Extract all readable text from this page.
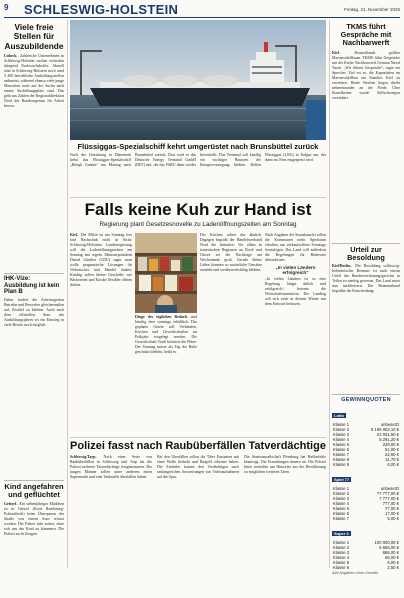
9 SCHLESWIG-HOLSTEIN	Freitag, 21. November 2025
Viele freie Stellen für Auszubildende

Lübeck– Zahlreiche Unternehmen in Schleswig-Holstein suchen weiterhin dringend Nachwuchskräfte. Aktuell sind in Schleswig-Holstein noch rund 3 200 betriebliche Ausbildungsstellen unbesetzt, während ebenso viele junge Menschen noch auf der Suche nach einem Ausbildungsplatz sind. Das geht aus Zahlen der Regionaldirektion Nord der Bundesagentur für Arbeit hervor.

IHK-Vize: Ausbildung ist kein Plan B
Daher fordert die Arbeitsagentur Betriebe und Bewerber gleichermaßen auf, flexibel zu bleiben. Auch nach dem offiziellen Start des Ausbildungsjahres sei ein Einstieg in viele Berufe noch möglich.
Kind angefahren und geflüchtet

Gettorf– Ein siebenjähriger Mädchen ist in Gettorf (Kreis Rendsburg-Eckernförde) beim Überqueren der Straße von einem Auto erfasst worden. Der Fahrer fuhr weiter, ohne sich um das Kind zu kümmern. Die Polizei sucht Zeugen.

Flüssiggas-Spezialschiff kehrt umgerüstet nach Brunsbüttel zurück
Nach der Umrüstung in Dänemark kehrt das Flüssiggas-Spezialschiff „Höegh Gannet“ am Montag nach Brunsbüttel zurück. Dort wird es das Deutsche Energy Terminal GmbH (DET) mit, die das FSRU dann wieder bereitstellt. Das Terminal soll künftig ein wichtiger Baustein der Energieversorgung bleiben. Helfen Flüssiggas (LNG) in Erdgas um, der dann ins Netz eingespeist wird.
Falls keine Kuh zur Hand ist
Regierung plant Gesetzesnovelle zu Ladenöffnungszeiten am Sonntag

Kiel– Die Milch ist am Sonntag leer und Nachschub nicht in Sicht: Schleswig-Holsteins Landesregierung will die Ladenöffnungszeiten am Sonntag neu regeln. Ministerpräsident Daniel Günther (CDU) sagte, man wolle pragmatische Lösungen für Verbraucher und Handel finden. Künftig sollen kleine Geschäfte wie Bäckereien und Kioske flexibler öffnen dürfen.

Dinge des täglichen Bedarfs sind künftig eher sonntags erhältlich. Das geplante Gesetz soll Verbänden, Kirchen und Gewerkschaften im Frühjahr vorgelegt werden. Die Gewerkschaft Verdi kritisiert die Pläne: Der Sonntag müsse als Tag der Ruhe geschützt bleiben, heißt es.

Die Kirchen sehen das ähnlich. Dagegen begrüßt der Handelsverband Nord die Initiative: Vor allem in touristischen Regionen an Nord- und Ostsee sei die Nachfrage am Wochenende groß. Gerade kleine Läden könnten so zusätzliche Umsätze erzielen und wettbewerbsfähig bleiben.

Nach Angaben der Staatskanzlei sollen die Kommunen mehr Spielraum erhalten, um verkaufsoffene Sonntage festzulegen. Das Land will außerdem die Regelungen für Bäderorte überarbeiten.

„In vielen Ländern erfolgreich“

„In vielen Ländern ist so eine Regelung längst üblich und erfolgreich“, betonte die Wirtschaftsministerin. Der Landtag soll sich noch in diesem Winter mit dem Entwurf befassen.

Polizei fasst nach Raubüberfällen Tatverdächtige

Schleswig/Tarp– Nach einer Serie von Raubüberfällen in Schleswig und Tarp hat die Polizei mehrere Tatverdächtige festgenommen. Die jungen Männer sollen unter anderem einen Supermarkt und eine Tankstelle überfallen haben.

Bei den Überfällen sollen die Täter Passanten mit einer Waffe bedroht und Bargeld erbeutet haben. Die Ermittler kamen den Verdächtigen nach umfangreichen Auswertungen von Videoaufnahmen auf die Spur.
Die Staatsanwaltschaft Flensburg hat Haftbefehle beantragt. Die Ermittlungen dauern an. Die Polizei bittet weiterhin um Hinweise aus der Bevölkerung zu möglichen weiteren Taten.
TKMS führt Gespräche mit Nachbarwerft

Kiel– Deutschlands größter Marineschiffbauer TKMS führt Gespräche mit der Kieler Nachbarwerft German Naval Yards. „Wir führen Gespräche“, sagte ein Sprecher. Ziel sei es, die Kapazitäten im Marineschiffbau am Standort Kiel zu erweitern. Beide Werften liegen direkt nebeneinander an der Förde. Über Einzelheiten wurde Stillschweigen vereinbart.

Urteil zur Besoldung

Kiel/Berlin– Die Besoldung schleswig-holsteinischer Beamter ist nach einem Urteil des Bundesverfassungsgerichts in Teilen zu niedrig gewesen. Das Land muss nun nachbessern. Der Beamtenbund begrüßte die Entscheidung.

GEWINNQUOTEN
Lotto
Klasse 1	unbesetzt
Klasse 2	9 196 902,10 €
Klasse 3	22 931,50 €
Klasse 4	5 291,20 €
Klasse 5	228,00 €
Klasse 6	51,00 €
Klasse 7	22,60 €
Klasse 8	11,70 €
Klasse 9	6,00 €
Spiel 77
Klasse 1	unbesetzt
Klasse 2	77 777,00 €
Klasse 3	7 777,00 €
Klasse 4	777,00 €
Klasse 5	77,00 €
Klasse 6	17,00 €
Klasse 7	5,00 €
Super 6
Klasse 1	100 000,00 €
Klasse 2	6 666,00 €
Klasse 3	666,00 €
Klasse 4	66,00 €
Klasse 5	6,00 €
Klasse 6	2,50 €
Alle Angaben ohne Gewähr
